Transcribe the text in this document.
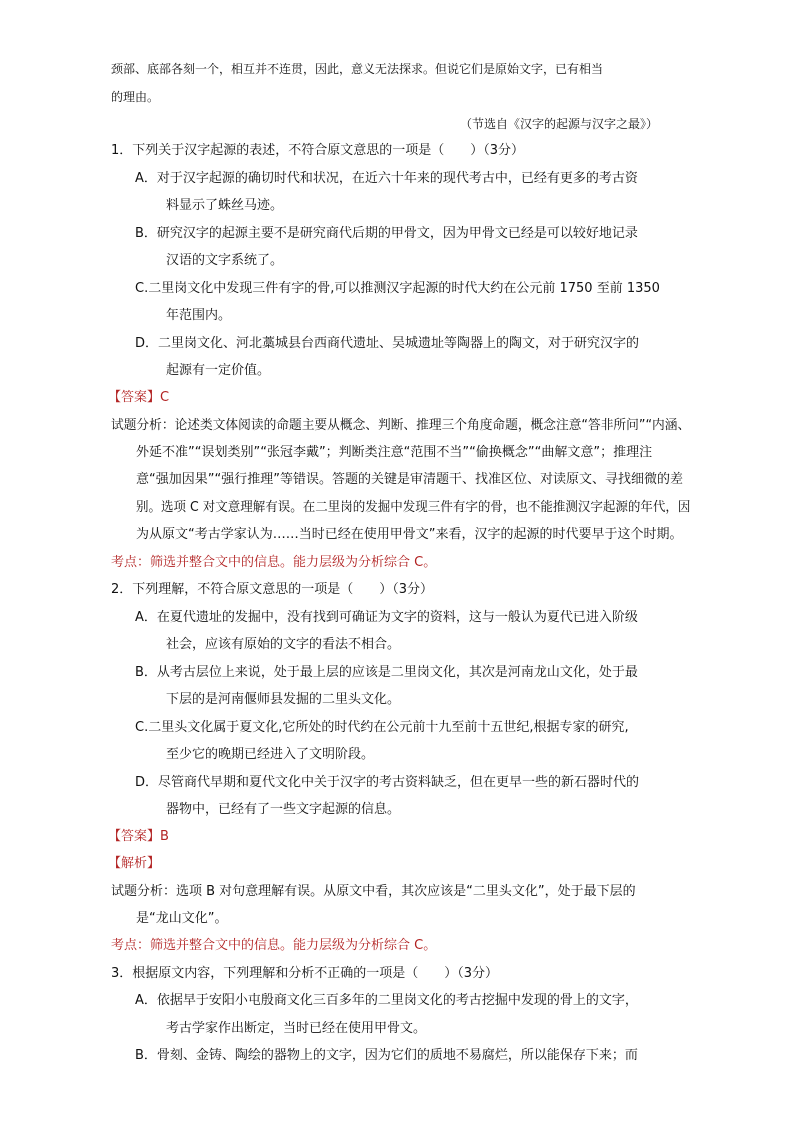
颈部、底部各刻一个，相互并不连贯，因此，意义无法探求。但说它们是原始文字，已有相当
的理由。
（节选自《汉字的起源与汉字之最》）
1．下列关于汉字起源的表述，不符合原文意思的一项是（　　）（3分）
A．对于汉字起源的确切时代和状况，在近六十年来的现代考古中，已经有更多的考古资
料显示了蛛丝马迹。
B．研究汉字的起源主要不是研究商代后期的甲骨文，因为甲骨文已经是可以较好地记录
汉语的文字系统了。
C.二里岗文化中发现三件有字的骨,可以推测汉字起源的时代大约在公元前 1750 至前 1350
年范围内。
D．二里岗文化、河北藁城县台西商代遗址、吴城遗址等陶器上的陶文，对于研究汉字的
起源有一定价值。
【答案】C
试题分析：论述类文体阅读的命题主要从概念、判断、推理三个角度命题，概念注意“答非所问”“内涵、
外延不准”“误划类别”“张冠李戴”；判断类注意“范围不当”“偷换概念”“曲解文意”；推理注
意“强加因果”“强行推理”等错误。答题的关键是审清题干、找准区位、对读原文、寻找细微的差
别。选项 C 对文意理解有误。在二里岗的发掘中发现三件有字的骨，也不能推测汉字起源的年代，因
为从原文“考古学家认为……当时已经在使用甲骨文”来看，汉字的起源的时代要早于这个时期。
考点：筛选并整合文中的信息。能力层级为分析综合 C。
2．下列理解，不符合原文意思的一项是（　　）（3分）
A．在夏代遗址的发掘中，没有找到可确证为文字的资料，这与一般认为夏代已进入阶级
社会，应该有原始的文字的看法不相合。
B．从考古层位上来说，处于最上层的应该是二里岗文化，其次是河南龙山文化，处于最
下层的是河南偃师县发掘的二里头文化。
C.二里头文化属于夏文化,它所处的时代约在公元前十九至前十五世纪,根据专家的研究,
至少它的晚期已经进入了文明阶段。
D．尽管商代早期和夏代文化中关于汉字的考古资料缺乏，但在更早一些的新石器时代的
器物中，已经有了一些文字起源的信息。
【答案】B
【解析】
试题分析：选项 B 对句意理解有误。从原文中看，其次应该是“二里头文化”，处于最下层的
是“龙山文化”。
考点：筛选并整合文中的信息。能力层级为分析综合 C。
3．根据原文内容，下列理解和分析不正确的一项是（　　）（3分）
A．依据早于安阳小屯殷商文化三百多年的二里岗文化的考古挖掘中发现的骨上的文字，
考古学家作出断定，当时已经在使用甲骨文。
B．骨刻、金铸、陶绘的器物上的文字，因为它们的质地不易腐烂，所以能保存下来；而
